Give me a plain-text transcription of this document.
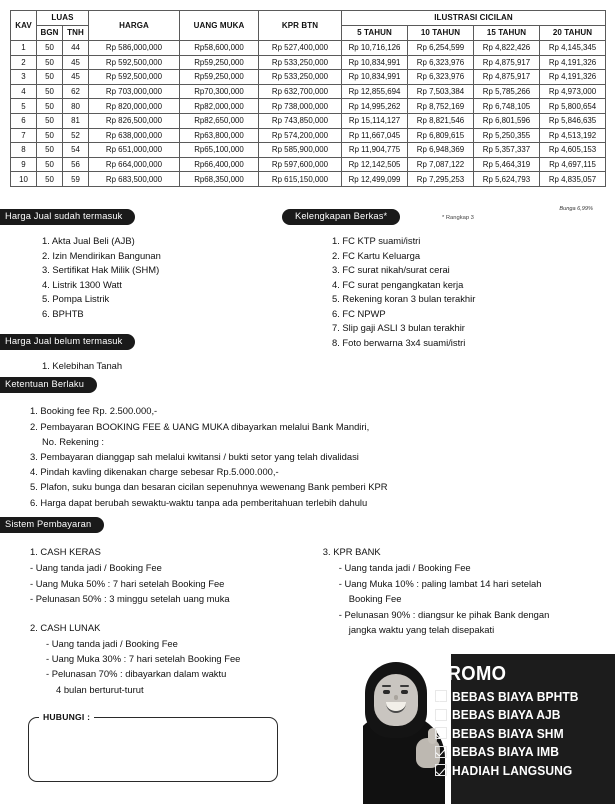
KAV	LUAS		HARGA	UANG MUKA	KPR BTN	ILUSTRASI CICILAN			
	BGN	TNH				5 TAHUN	10 TAHUN	15 TAHUN	20 TAHUN
1	50	44	Rp 586,000,000	Rp58,600,000	Rp 527,400,000	Rp 10,716,126	Rp 6,254,599	Rp 4,822,426	Rp 4,145,345
2	50	45	Rp 592,500,000	Rp59,250,000	Rp 533,250,000	Rp 10,834,991	Rp 6,323,976	Rp 4,875,917	Rp 4,191,326
3	50	45	Rp 592,500,000	Rp59,250,000	Rp 533,250,000	Rp 10,834,991	Rp 6,323,976	Rp 4,875,917	Rp 4,191,326
4	50	62	Rp 703,000,000	Rp70,300,000	Rp 632,700,000	Rp 12,855,694	Rp 7,503,384	Rp 5,785,266	Rp 4,973,000
5	50	80	Rp 820,000,000	Rp82,000,000	Rp 738,000,000	Rp 14,995,262	Rp 8,752,169	Rp 6,748,105	Rp 5,800,654
6	50	81	Rp 826,500,000	Rp82,650,000	Rp 743,850,000	Rp 15,114,127	Rp 8,821,546	Rp 6,801,596	Rp 5,846,635
7	50	52	Rp 638,000,000	Rp63,800,000	Rp 574,200,000	Rp 11,667,045	Rp 6,809,615	Rp 5,250,355	Rp 4,513,192
8	50	54	Rp 651,000,000	Rp65,100,000	Rp 585,900,000	Rp 11,904,775	Rp 6,948,369	Rp 5,357,337	Rp 4,605,153
9	50	56	Rp 664,000,000	Rp66,400,000	Rp 597,600,000	Rp 12,142,505	Rp 7,087,122	Rp 5,464,319	Rp 4,697,115
10	50	59	Rp 683,500,000	Rp68,350,000	Rp 615,150,000	Rp 12,499,099	Rp 7,295,253	Rp 5,624,793	Rp 4,835,057
Bunga 6,99%
Harga Jual sudah termasuk
1. Akta Jual Beli (AJB)
2. Izin Mendirikan Bangunan
3. Sertifikat Hak Milik (SHM)
4. Listrik 1300 Watt
5. Pompa Listrik
6. BPHTB
Harga Jual belum termasuk
1. Kelebihan Tanah
Kelengkapan Berkas*	* Rangkap 3
1. FC KTP suami/istri
2. FC Kartu Keluarga
3. FC surat nikah/surat cerai
4. FC surat pengangkatan kerja
5. Rekening koran 3 bulan terakhir
6. FC NPWP
7. Slip gaji ASLI 3 bulan terakhir
8. Foto berwarna 3x4 suami/istri
Ketentuan Berlaku
1. Booking fee Rp. 2.500.000,-
2. Pembayaran BOOKING FEE & UANG MUKA dibayarkan melalui Bank Mandiri,
No. Rekening :
3. Pembayaran dianggap sah melalui kwitansi / bukti setor yang telah divalidasi
4. Pindah kavling dikenakan charge sebesar Rp.5.000.000,-
5. Plafon, suku bunga dan besaran cicilan sepenuhnya wewenang Bank pemberi KPR
6. Harga dapat berubah sewaktu-waktu tanpa ada pemberitahuan terlebih dahulu
Sistem Pembayaran
1. CASH KERAS
- Uang tanda jadi / Booking Fee
- Uang Muka 50% : 7 hari setelah Booking Fee
- Pelunasan 50% : 3 minggu setelah uang muka
2. CASH LUNAK
- Uang tanda jadi / Booking Fee
- Uang Muka 30% : 7 hari setelah Booking Fee
- Pelunasan 70% : dibayarkan dalam waktu
4 bulan berturut-turut
3. KPR BANK
- Uang tanda jadi / Booking Fee
- Uang Muka 10% : paling lambat 14 hari setelah
Booking Fee
- Pelunasan 90% : diangsur ke pihak Bank dengan
jangka waktu yang telah disepakati
HUBUNGI :
PROMO
BEBAS BIAYA BPHTB
BEBAS BIAYA AJB
BEBAS BIAYA SHM
BEBAS BIAYA IMB
HADIAH LANGSUNG
